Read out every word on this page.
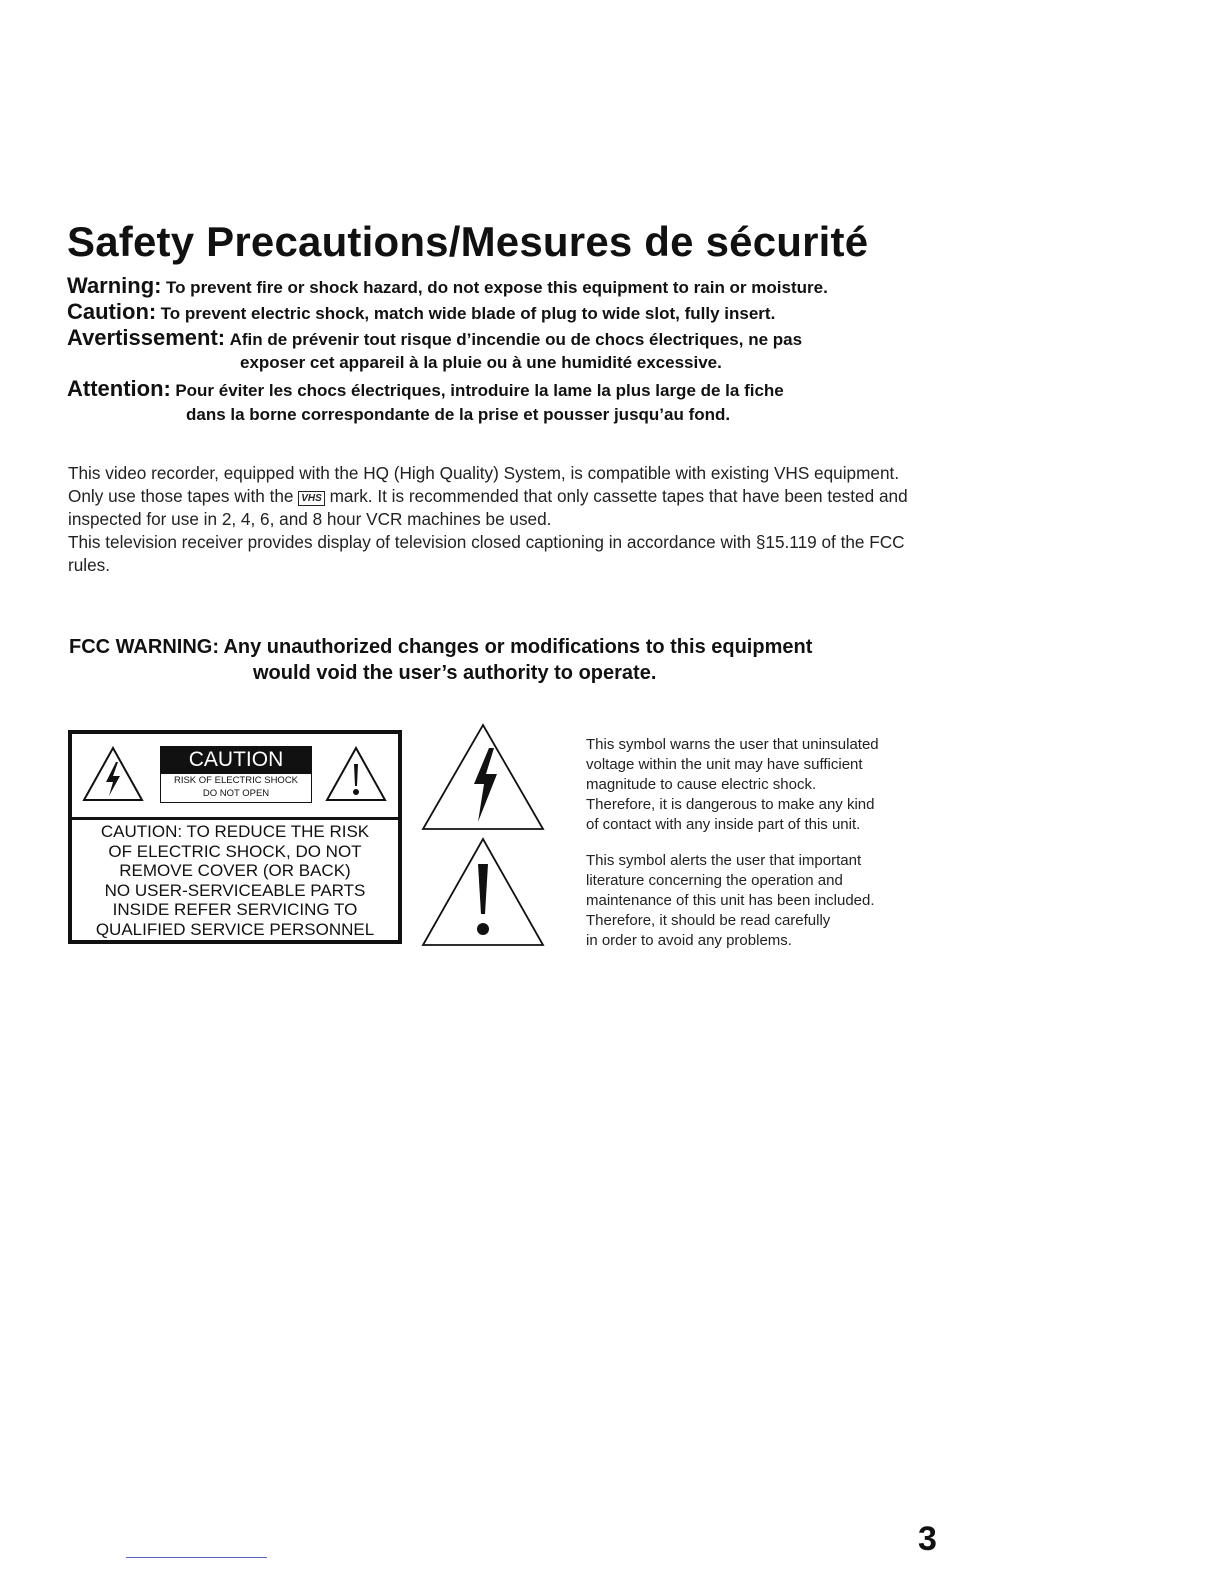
Safety Precautions/Mesures de sécurité
Warning: To prevent fire or shock hazard, do not expose this equipment to rain or moisture.
Caution: To prevent electric shock, match wide blade of plug to wide slot, fully insert.
Avertissement: Afin de prévenir tout risque d’incendie ou de chocs électriques, ne pas
exposer cet appareil à la pluie ou à une humidité excessive.
Attention: Pour éviter les chocs électriques, introduire la lame la plus large de la fiche
dans la borne correspondante de la prise et pousser jusqu’au fond.

This video recorder, equipped with the HQ (High Quality) System, is compatible with existing VHS equipment.

Only use those tapes with the VHS mark. It is recommended that only cassette tapes that have been tested and inspected for use in 2, 4, 6, and 8 hour VCR machines be used.

This television receiver provides display of television closed captioning in accordance with §15.119 of the FCC rules.

FCC WARNING: Any unauthorized changes or modifications to this equipment
would void the user’s authority to operate.
CAUTION
RISK OF ELECTRIC SHOCK
DO NOT OPEN
CAUTION: TO REDUCE THE RISK
OF ELECTRIC SHOCK, DO NOT
REMOVE COVER (OR BACK)
NO USER-SERVICEABLE PARTS
INSIDE REFER SERVICING TO
QUALIFIED SERVICE PERSONNEL
This symbol warns the user that uninsulated
voltage within the unit may have sufficient
magnitude to cause electric shock.
Therefore, it is dangerous to make any kind
of contact with any inside part of this unit.
This symbol alerts the user that important
literature concerning the operation and
maintenance of this unit has been included.
Therefore, it should be read carefully
in order to avoid any problems.
3
